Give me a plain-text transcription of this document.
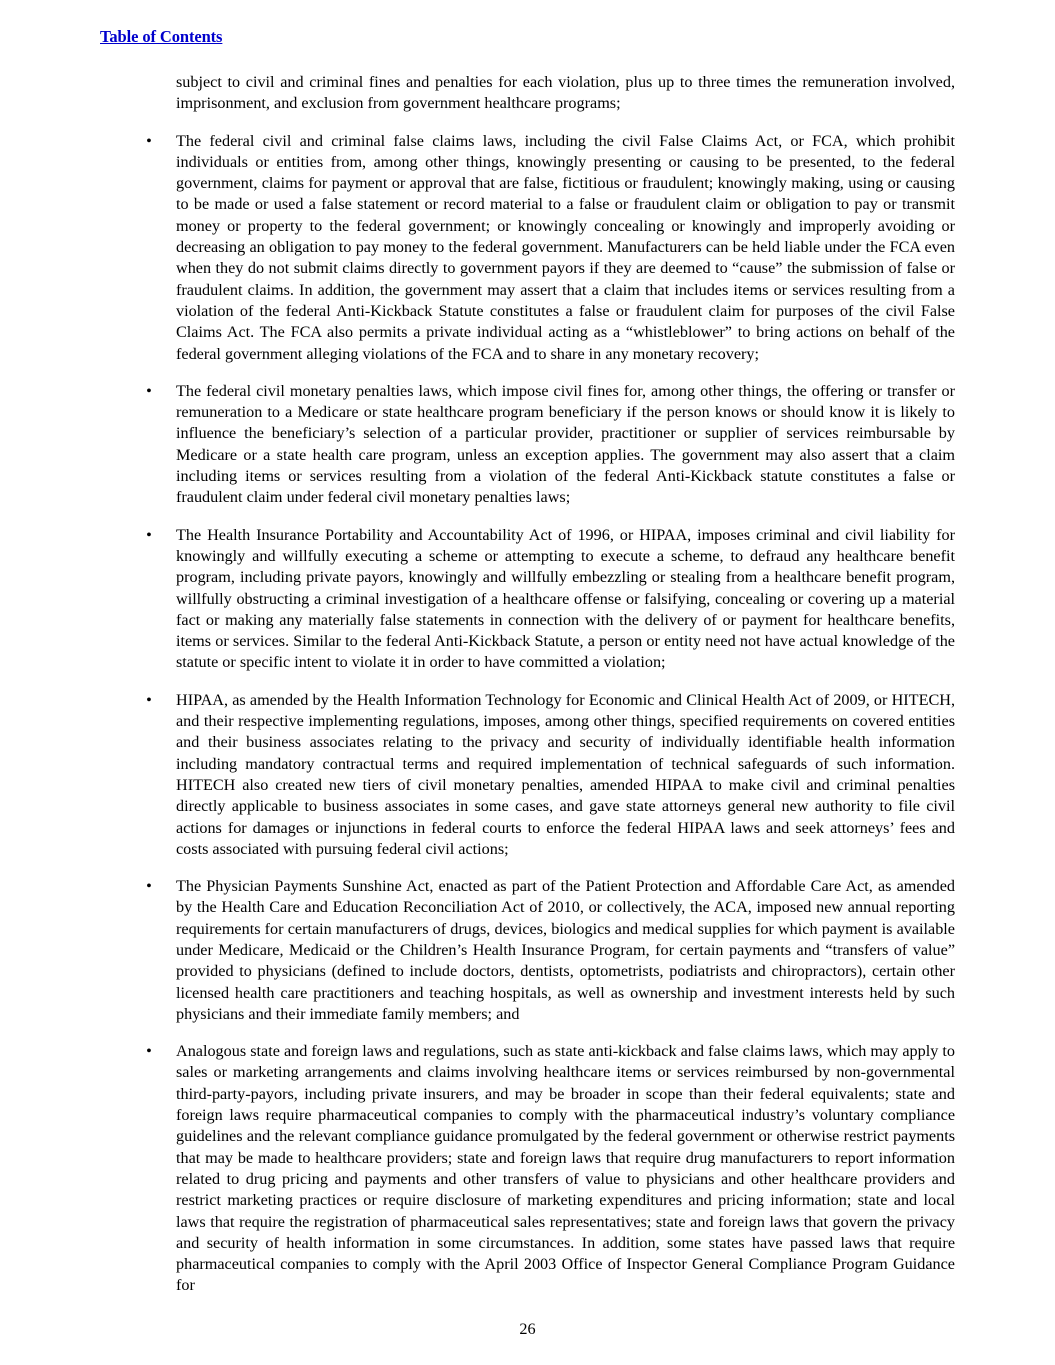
Table of Contents

subject to civil and criminal fines and penalties for each violation, plus up to three times the remuneration involved, imprisonment, and exclusion from government healthcare programs;

• The federal civil and criminal false claims laws, including the civil False Claims Act, or FCA, which prohibit individuals or entities from, among other things, knowingly presenting or causing to be presented, to the federal government, claims for payment or approval that are false, fictitious or fraudulent; knowingly making, using or causing to be made or used a false statement or record material to a false or fraudulent claim or obligation to pay or transmit money or property to the federal government; or knowingly concealing or knowingly and improperly avoiding or decreasing an obligation to pay money to the federal government. Manufacturers can be held liable under the FCA even when they do not submit claims directly to government payors if they are deemed to “cause” the submission of false or fraudulent claims. In addition, the government may assert that a claim that includes items or services resulting from a violation of the federal Anti-Kickback Statute constitutes a false or fraudulent claim for purposes of the civil False Claims Act. The FCA also permits a private individual acting as a “whistleblower” to bring actions on behalf of the federal government alleging violations of the FCA and to share in any monetary recovery;

• The federal civil monetary penalties laws, which impose civil fines for, among other things, the offering or transfer or remuneration to a Medicare or state healthcare program beneficiary if the person knows or should know it is likely to influence the beneficiary’s selection of a particular provider, practitioner or supplier of services reimbursable by Medicare or a state health care program, unless an exception applies. The government may also assert that a claim including items or services resulting from a violation of the federal Anti-Kickback statute constitutes a false or fraudulent claim under federal civil monetary penalties laws;

• The Health Insurance Portability and Accountability Act of 1996, or HIPAA, imposes criminal and civil liability for knowingly and willfully executing a scheme or attempting to execute a scheme, to defraud any healthcare benefit program, including private payors, knowingly and willfully embezzling or stealing from a healthcare benefit program, willfully obstructing a criminal investigation of a healthcare offense or falsifying, concealing or covering up a material fact or making any materially false statements in connection with the delivery of or payment for healthcare benefits, items or services. Similar to the federal Anti-Kickback Statute, a person or entity need not have actual knowledge of the statute or specific intent to violate it in order to have committed a violation;

• HIPAA, as amended by the Health Information Technology for Economic and Clinical Health Act of 2009, or HITECH, and their respective implementing regulations, imposes, among other things, specified requirements on covered entities and their business associates relating to the privacy and security of individually identifiable health information including mandatory contractual terms and required implementation of technical safeguards of such information. HITECH also created new tiers of civil monetary penalties, amended HIPAA to make civil and criminal penalties directly applicable to business associates in some cases, and gave state attorneys general new authority to file civil actions for damages or injunctions in federal courts to enforce the federal HIPAA laws and seek attorneys’ fees and costs associated with pursuing federal civil actions;

• The Physician Payments Sunshine Act, enacted as part of the Patient Protection and Affordable Care Act, as amended by the Health Care and Education Reconciliation Act of 2010, or collectively, the ACA, imposed new annual reporting requirements for certain manufacturers of drugs, devices, biologics and medical supplies for which payment is available under Medicare, Medicaid or the Children’s Health Insurance Program, for certain payments and “transfers of value” provided to physicians (defined to include doctors, dentists, optometrists, podiatrists and chiropractors), certain other licensed health care practitioners and teaching hospitals, as well as ownership and investment interests held by such physicians and their immediate family members; and

• Analogous state and foreign laws and regulations, such as state anti-kickback and false claims laws, which may apply to sales or marketing arrangements and claims involving healthcare items or services reimbursed by non-governmental third-party-payors, including private insurers, and may be broader in scope than their federal equivalents; state and foreign laws require pharmaceutical companies to comply with the pharmaceutical industry’s voluntary compliance guidelines and the relevant compliance guidance promulgated by the federal government or otherwise restrict payments that may be made to healthcare providers; state and foreign laws that require drug manufacturers to report information related to drug pricing and payments and other transfers of value to physicians and other healthcare providers and restrict marketing practices or require disclosure of marketing expenditures and pricing information; state and local laws that require the registration of pharmaceutical sales representatives; state and foreign laws that govern the privacy and security of health information in some circumstances. In addition, some states have passed laws that require pharmaceutical companies to comply with the April 2003 Office of Inspector General Compliance Program Guidance for

26
